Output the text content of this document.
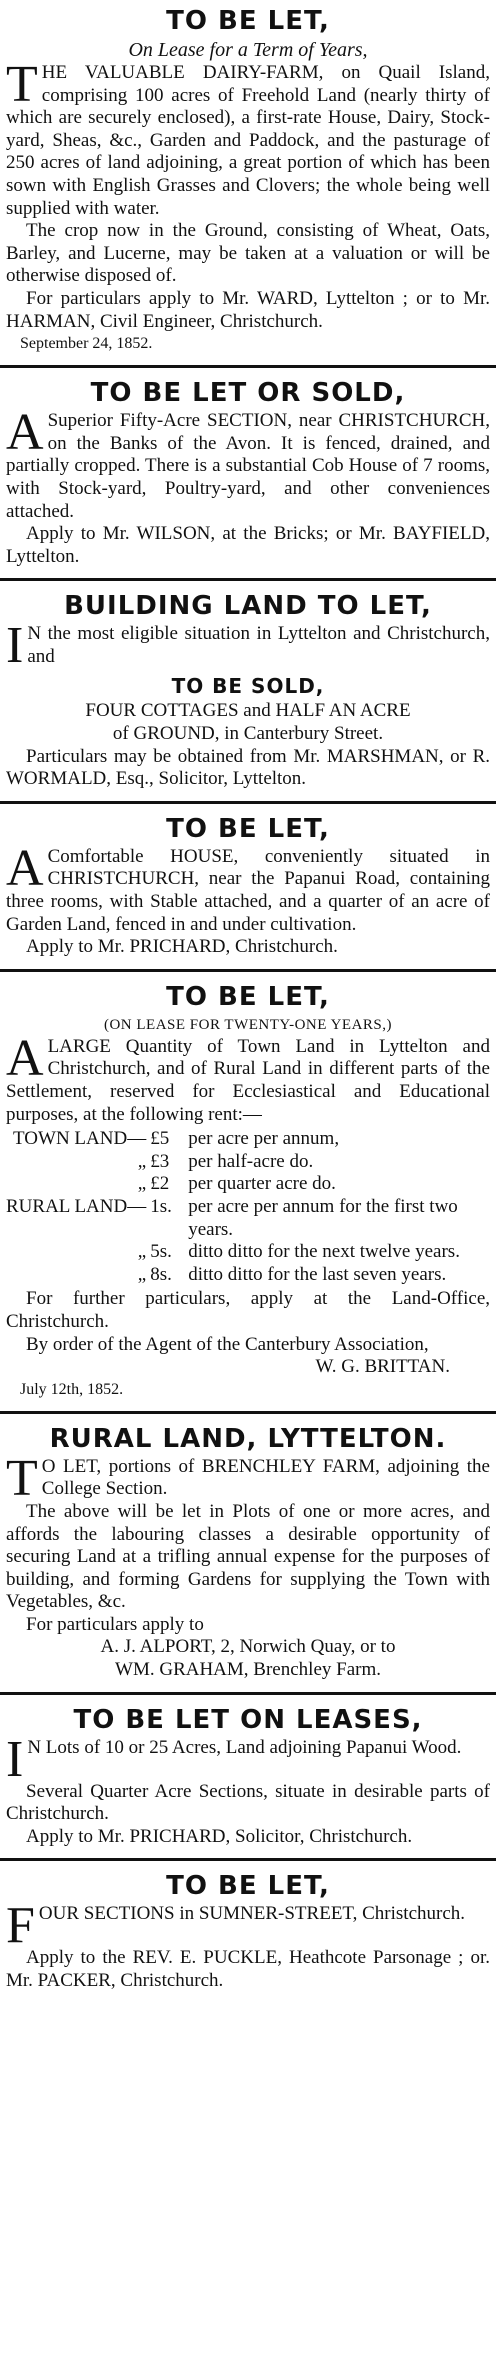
TO BE LET,
On Lease for a Term of Years,

THE VALUABLE DAIRY-FARM, on Quail Island, comprising 100 acres of Freehold Land (nearly thirty of which are securely enclosed), a first-rate House, Dairy, Stock-yard, Sheas, &c., Garden and Paddock, and the pasturage of 250 acres of land adjoining, a great portion of which has been sown with English Grasses and Clovers; the whole being well supplied with water.

The crop now in the Ground, consisting of Wheat, Oats, Barley, and Lucerne, may be taken at a valuation or will be otherwise disposed of.

For particulars apply to Mr. WARD, Lyttelton ; or to Mr. HARMAN, Civil Engineer, Christchurch.

September 24, 1852.
TO BE LET OR SOLD,

A Superior Fifty-Acre SECTION, near CHRISTCHURCH, on the Banks of the Avon. It is fenced, drained, and partially cropped. There is a substantial Cob House of 7 rooms, with Stock-yard, Poultry-yard, and other conveniences attached.

Apply to Mr. WILSON, at the Bricks; or Mr. BAYFIELD, Lyttelton.

BUILDING LAND TO LET,

I N the most eligible situation in Lyttelton and Christchurch, and

TO BE SOLD,
FOUR COTTAGES and HALF AN ACRE
of GROUND, in Canterbury Street.

Particulars may be obtained from Mr. MARSHMAN, or R. WORMALD, Esq., Solicitor, Lyttelton.

TO BE LET,

A Comfortable HOUSE, conveniently situated in CHRISTCHURCH, near the Papanui Road, containing three rooms, with Stable attached, and a quarter of an acre of Garden Land, fenced in and under cultivation.

Apply to Mr. PRICHARD, Christchurch.

TO BE LET,
(ON LEASE FOR TWENTY-ONE YEARS,)

ALARGE Quantity of Town Land in Lyttelton and Christchurch, and of Rural Land in different parts of the Settlement, reserved for Ecclesiastical and Educational purposes, at the following rent:—

TOWN LAND—	£5	per acre per annum,
„	£3	per half-acre do.
„	£2	per quarter acre do.
RURAL LAND—	1s.	per acre per annum for the first two years.
„	5s.	ditto ditto for the next twelve years.
„	8s.	ditto ditto for the last seven years.

For further particulars, apply at the Land-Office, Christchurch.

By order of the Agent of the Canterbury Association,

W. G. BRITTAN.
July 12th, 1852.
RURAL LAND, LYTTELTON.

T O LET, portions of BRENCHLEY FARM, adjoining the College Section.

The above will be let in Plots of one or more acres, and affords the labouring classes a desirable opportunity of securing Land at a trifling annual expense for the purposes of building, and forming Gardens for supplying the Town with Vegetables, &c.

For particulars apply to

A. J. ALPORT, 2, Norwich Quay, or to
WM. GRAHAM, Brenchley Farm.
TO BE LET ON LEASES,

I N Lots of 10 or 25 Acres, Land adjoining Papanui Wood.

Several Quarter Acre Sections, situate in desirable parts of Christchurch.

Apply to Mr. PRICHARD, Solicitor, Christchurch.

TO BE LET,

FOUR SECTIONS in SUMNER-STREET, Christchurch.

Apply to the REV. E. PUCKLE, Heathcote Parsonage ; or. Mr. PACKER, Christchurch.
